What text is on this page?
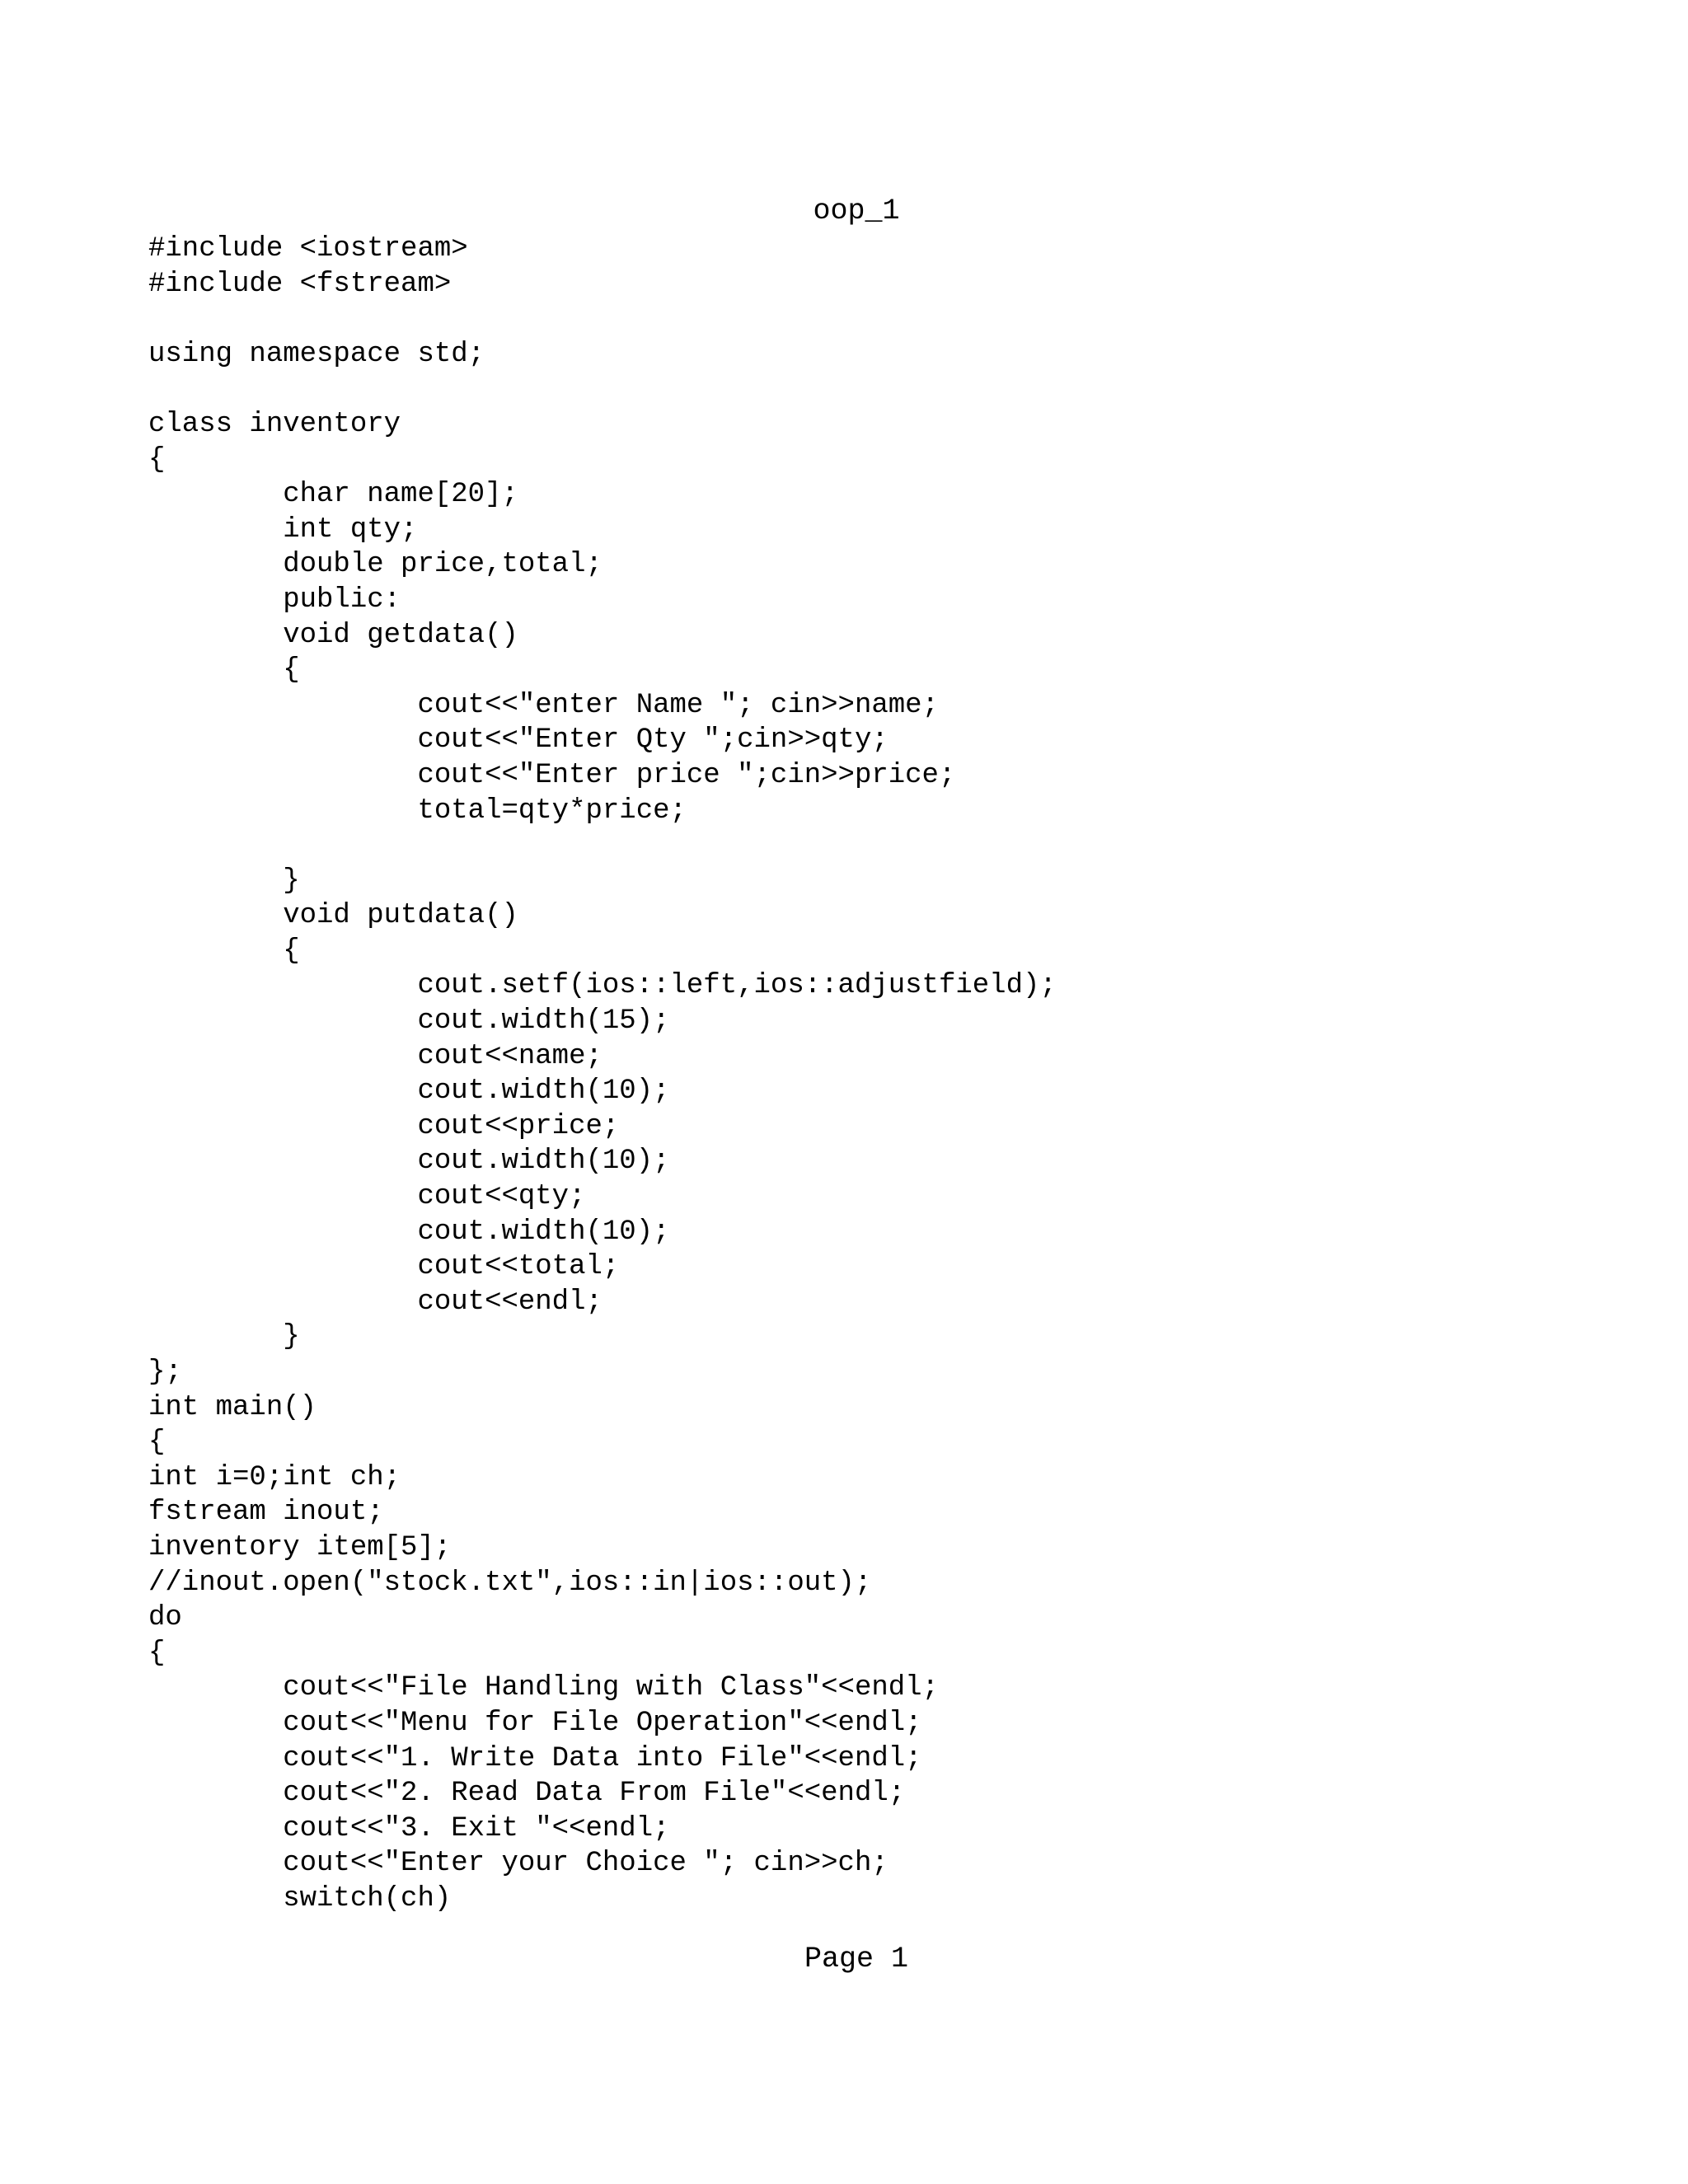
oop_1
#include <iostream>
#include <fstream>
using namespace std;
class inventory
{
char name[20];
int qty;
double price,total;
public:
void getdata()
{
cout<<"enter Name "; cin>>name;
cout<<"Enter Qty ";cin>>qty;
cout<<"Enter price ";cin>>price;
total=qty*price;
}
void putdata()
{
cout.setf(ios::left,ios::adjustfield);
cout.width(15);
cout<<name;
cout.width(10);
cout<<price;
cout.width(10);
cout<<qty;
cout.width(10);
cout<<total;
cout<<endl;
}
};
int main()
{
int i=0;int ch;
fstream inout;
inventory item[5];
//inout.open("stock.txt",ios::in|ios::out);
do
{
cout<<"File Handling with Class"<<endl;
cout<<"Menu for File Operation"<<endl;
cout<<"1. Write Data into File"<<endl;
cout<<"2. Read Data From File"<<endl;
cout<<"3. Exit "<<endl;
cout<<"Enter your Choice "; cin>>ch;
switch(ch)
Page 1
